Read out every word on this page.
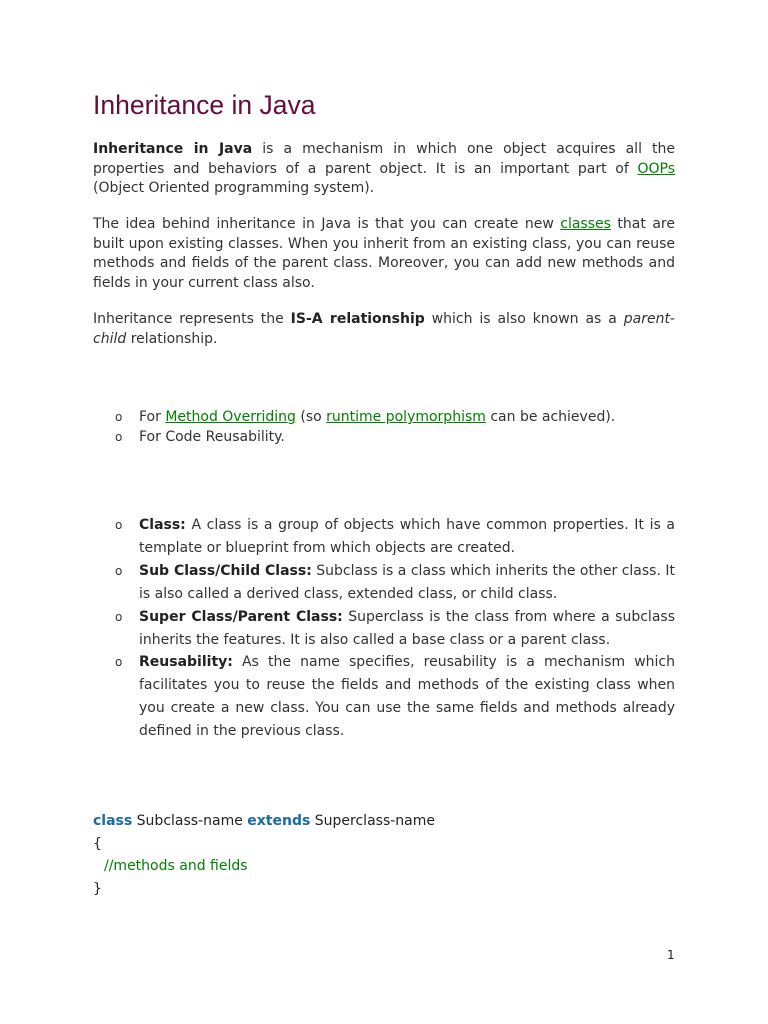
Inheritance in Java

Inheritance in Java is a mechanism in which one object acquires all the properties and behaviors of a parent object. It is an important part of OOPs (Object Oriented programming system).

The idea behind inheritance in Java is that you can create new classes that are built upon existing classes. When you inherit from an existing class, you can reuse methods and fields of the parent class. Moreover, you can add new methods and fields in your current class also.

Inheritance represents the IS-A relationship which is also known as a parent-child relationship.

o For Method Overriding (so runtime polymorphism can be achieved).
o For Code Reusability.
o Class: A class is a group of objects which have common properties. It is a template or blueprint from which objects are created.
o Sub Class/Child Class: Subclass is a class which inherits the other class. It is also called a derived class, extended class, or child class.
o Super Class/Parent Class: Superclass is the class from where a subclass inherits the features. It is also called a base class or a parent class.
o Reusability: As the name specifies, reusability is a mechanism which facilitates you to reuse the fields and methods of the existing class when you create a new class. You can use the same fields and methods already defined in the previous class.
class Subclass-name extends Superclass-name
{
//methods and fields
}
1
